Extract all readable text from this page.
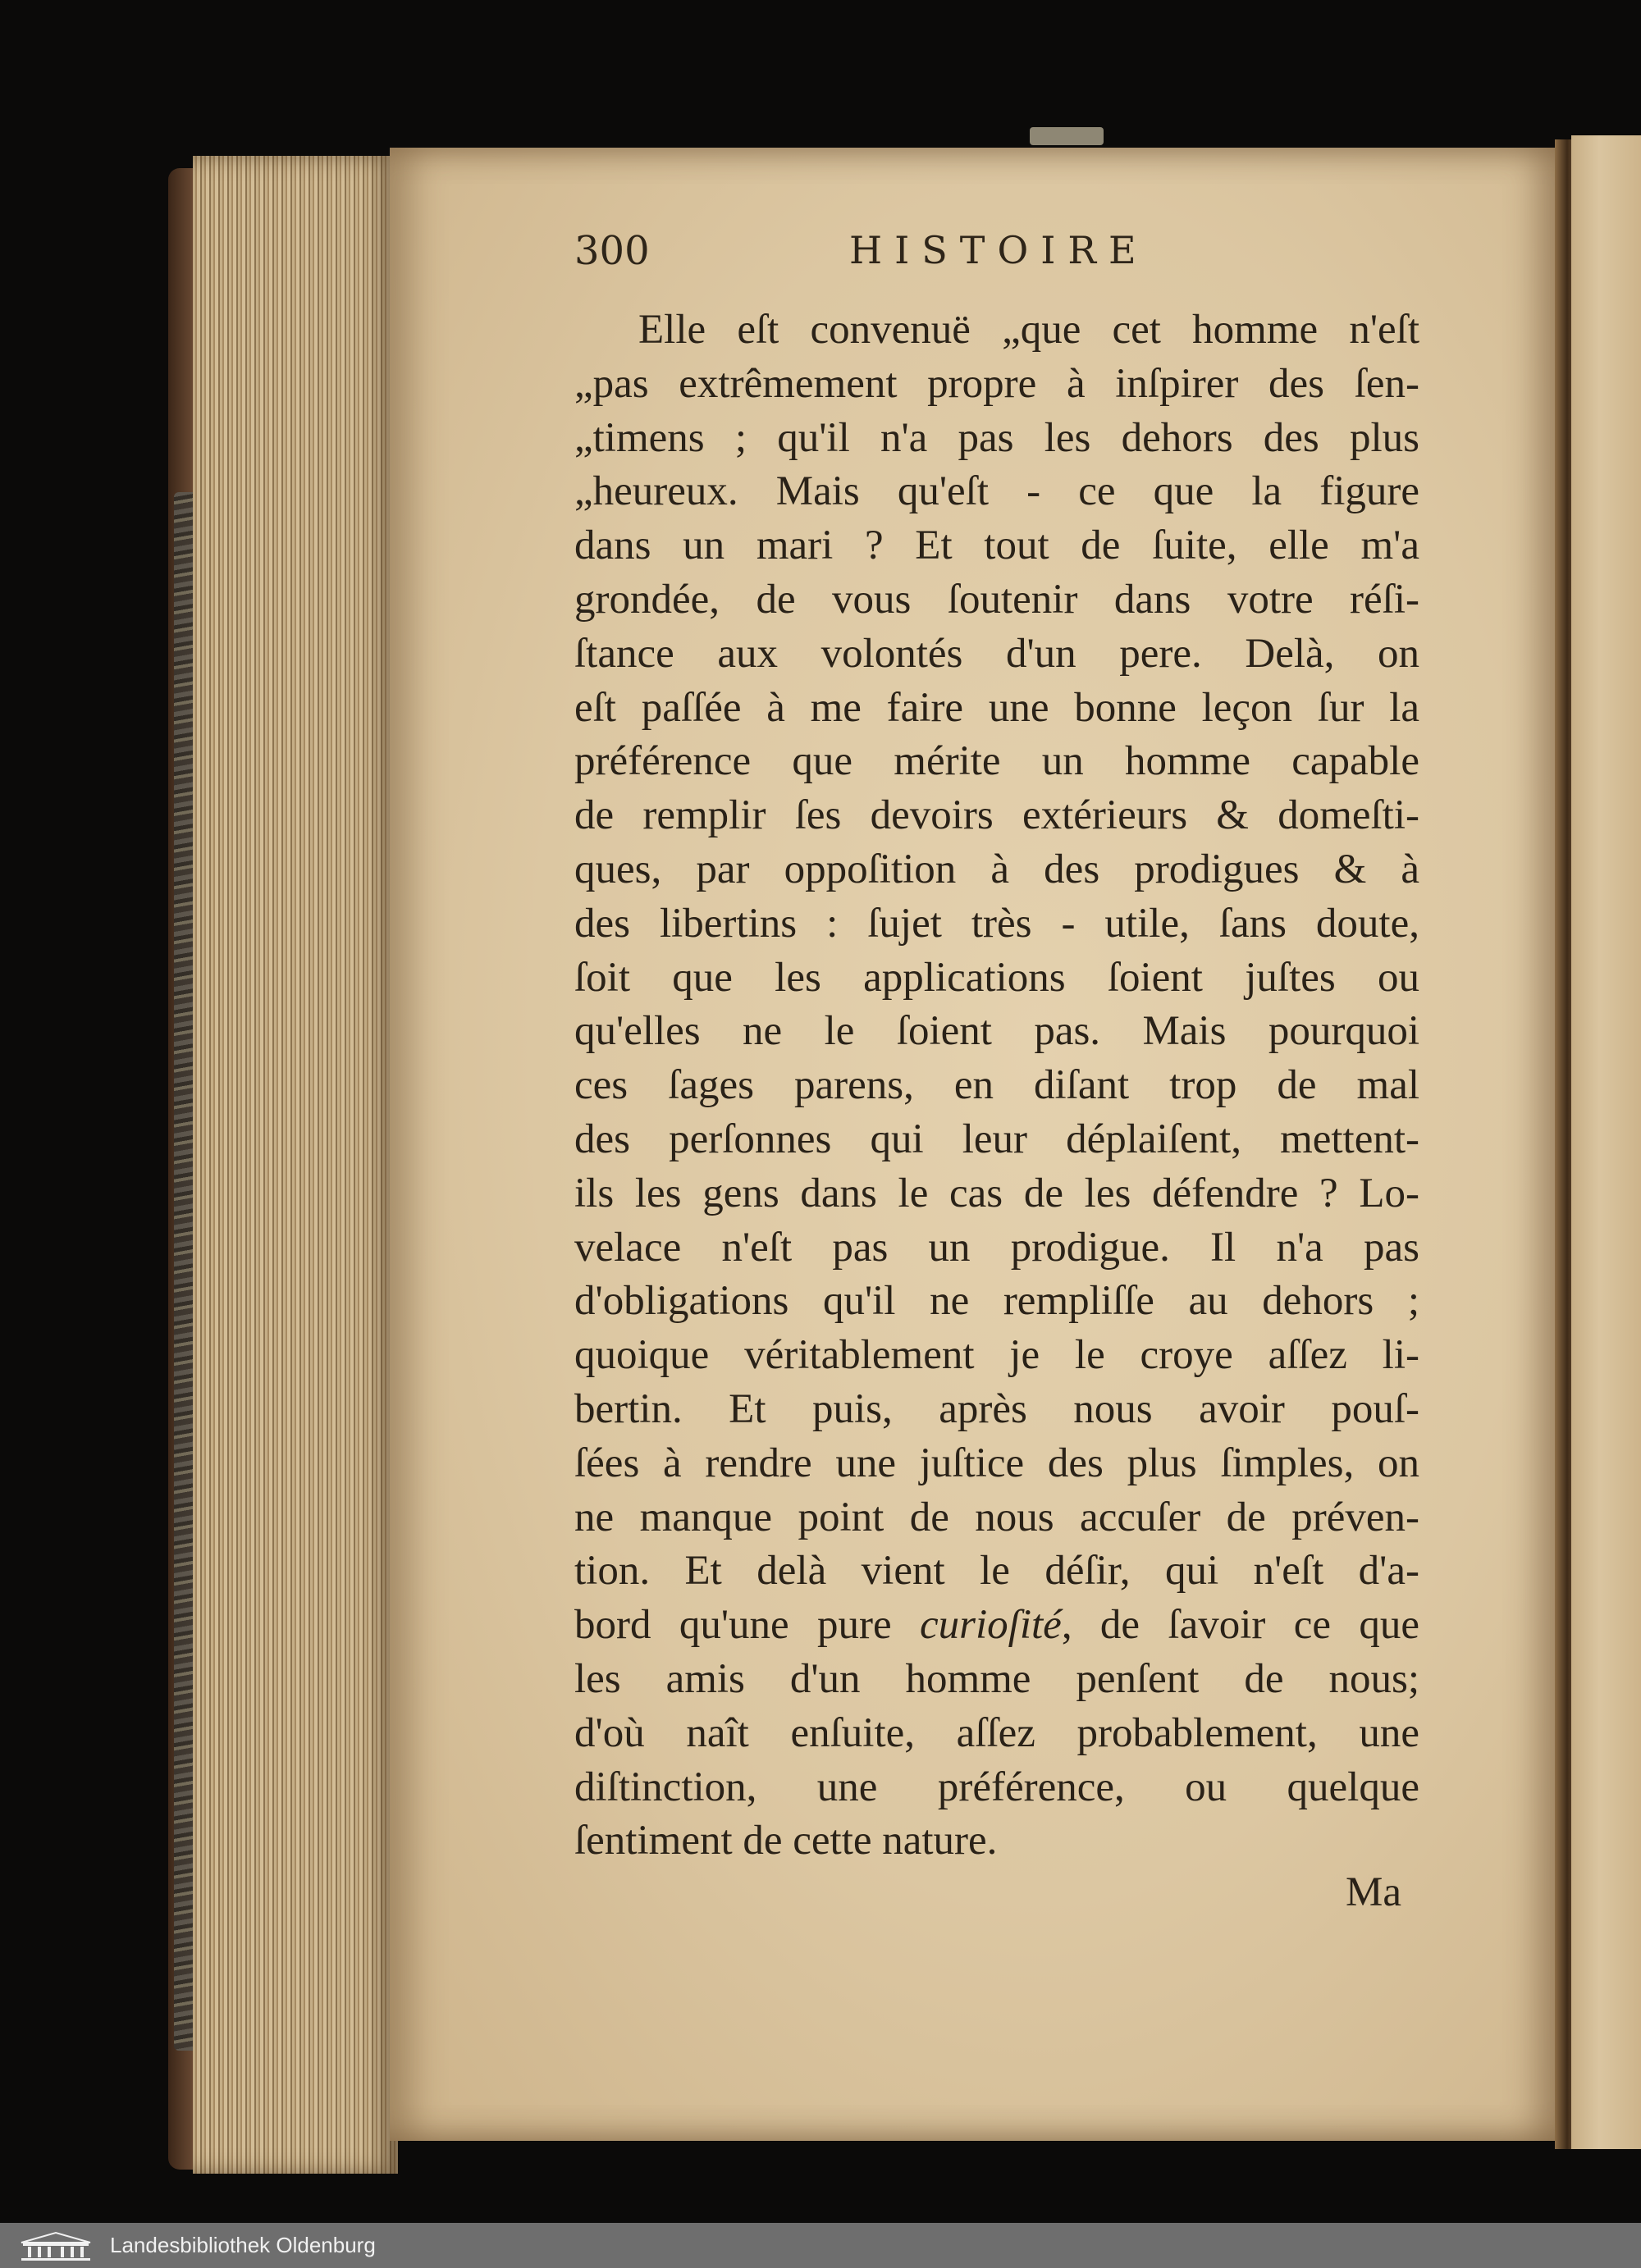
300	HISTOIRE
Elle eſt convenuë „que cet homme n'eſt
„pas extrêmement propre à inſpirer des ſen-
„timens ; qu'il n'a pas les dehors des plus
„heureux. Mais qu'eſt - ce que la figure
dans un mari ? Et tout de ſuite, elle m'a
grondée, de vous ſoutenir dans votre réſi-
ſtance aux volontés d'un pere. Delà, on
eſt paſſée à me faire une bonne leçon ſur la
préférence que mérite un homme capable
de remplir ſes devoirs extérieurs & domeſti-
ques, par oppoſition à des prodigues & à
des libertins : ſujet très - utile, ſans doute,
ſoit que les applications ſoient juſtes ou
qu'elles ne le ſoient pas. Mais pourquoi
ces ſages parens, en diſant trop de mal
des perſonnes qui leur déplaiſent, mettent-
ils les gens dans le cas de les défendre ? Lo-
velace n'eſt pas un prodigue. Il n'a pas
d'obligations qu'il ne rempliſſe au dehors ;
quoique véritablement je le croye aſſez li-
bertin. Et puis, après nous avoir pouſ-
ſées à rendre une juſtice des plus ſimples, on
ne manque point de nous accuſer de préven-
tion. Et delà vient le déſir, qui n'eſt d'a-
bord qu'une pure curioſité, de ſavoir ce que
les amis d'un homme penſent de nous;
d'où naît enſuite, aſſez probablement, une
diſtinction, une préférence, ou quelque
ſentiment de cette nature.
Ma
Landesbibliothek Oldenburg
